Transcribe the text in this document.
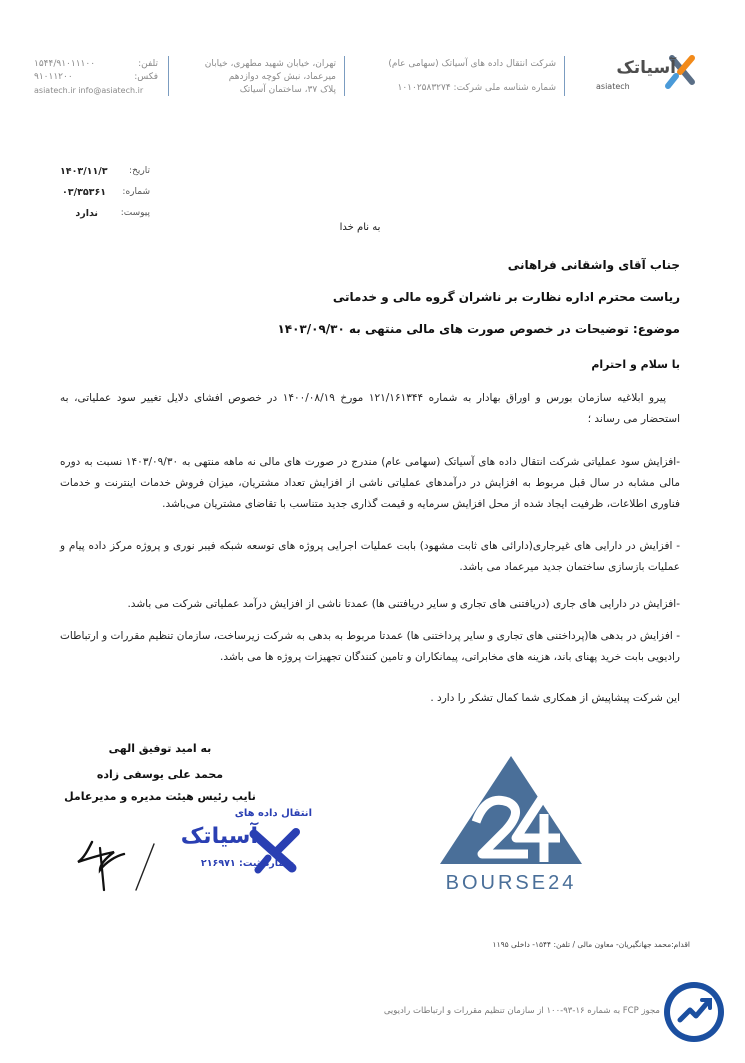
آسیاتک
asiatech
شرکت انتقال داده های آسیاتک (سهامی عام)
شماره شناسه ملی شرکت: ۱۰۱۰۲۵۸۳۲۷۴
تهران، خیابان شهید مطهری، خیابان
میرعماد، نبش کوچه دوازدهم
پلاک ۳۷، ساختمان آسیاتک
تلفن:
۱۵۴۴/۹۱۰۱۱۱۰۰
فکس:
۹۱۰۱۱۲۰۰
asiatech.ir info@asiatech.ir
تاریخ:
۱۴۰۳/۱۱/۳
شماره:
۰۳/۳۵۳۶۱
پیوست:
ندارد
به نام خدا
جناب آقای واشقانی فراهانی
ریاست محترم اداره نظارت بر ناشران گروه مالی و خدماتی
موضوع: توضیحات در خصوص صورت های مالی منتهی به ۱۴۰۳/۰۹/۳۰
با سلام و احترام
پیرو ابلاغیه سازمان بورس و اوراق بهادار به شماره ۱۲۱/۱۶۱۳۴۴ مورخ ۱۴۰۰/۰۸/۱۹ در خصوص افشای دلایل تغییر سود عملیاتی، به استحضار می رساند ؛
-افزایش سود عملیاتی شرکت انتقال داده های آسیاتک (سهامی عام) مندرج در صورت های مالی نه ماهه منتهی به ۱۴۰۳/۰۹/۳۰ نسبت به دوره مالی مشابه در سال قبل مربوط به افزایش در درآمدهای عملیاتی ناشی از افزایش تعداد مشتریان، میزان فروش خدمات اینترنت و خدمات فناوری اطلاعات، ظرفیت ایجاد شده از محل افزایش سرمایه و قیمت گذاری جدید متناسب با تقاضای مشتریان می‌باشد.
- افزایش در دارایی های غیرجاری(دارائی های ثابت مشهود) بابت عملیات اجرایی پروژه های توسعه شبکه فیبر نوری و پروژه مرکز داده پیام و عملیات بازسازی ساختمان جدید میرعماد می باشد.
-افزایش در دارایی های جاری (دریافتنی های تجاری و سایر دریافتنی ها) عمدتا ناشی از افزایش درآمد عملیاتی شرکت می باشد.
- افزایش در بدهی ها(پرداختنی های تجاری و سایر پرداختنی ها) عمدتا مربوط به بدهی به شرکت زیرساخت، سازمان تنظیم مقررات و ارتباطات رادیویی بابت خرید پهنای باند، هزینه های مخابراتی، پیمانکاران و تامین کنندگان تجهیزات پروژه ها می باشد.
این شرکت پیشاپیش از همکاری شما کمال تشکر را دارد .
به امید توفیق الهی
محمد علی یوسفی زاده
نایب رئیس هیئت مدیره و مدیرعامل
انتقال داده های
آسیاتک
شماره ثبت: ۲۱۶۹۷۱
BOURSE24
اقدام:محمد جهانگیریان- معاون مالی / تلفن: ۱۵۴۴- داخلی ۱۱۹۵
مجوز FCP به شماره ۱۶-۹۳-۱۰۰ از سازمان تنظیم مقررات و ارتباطات رادیویی
